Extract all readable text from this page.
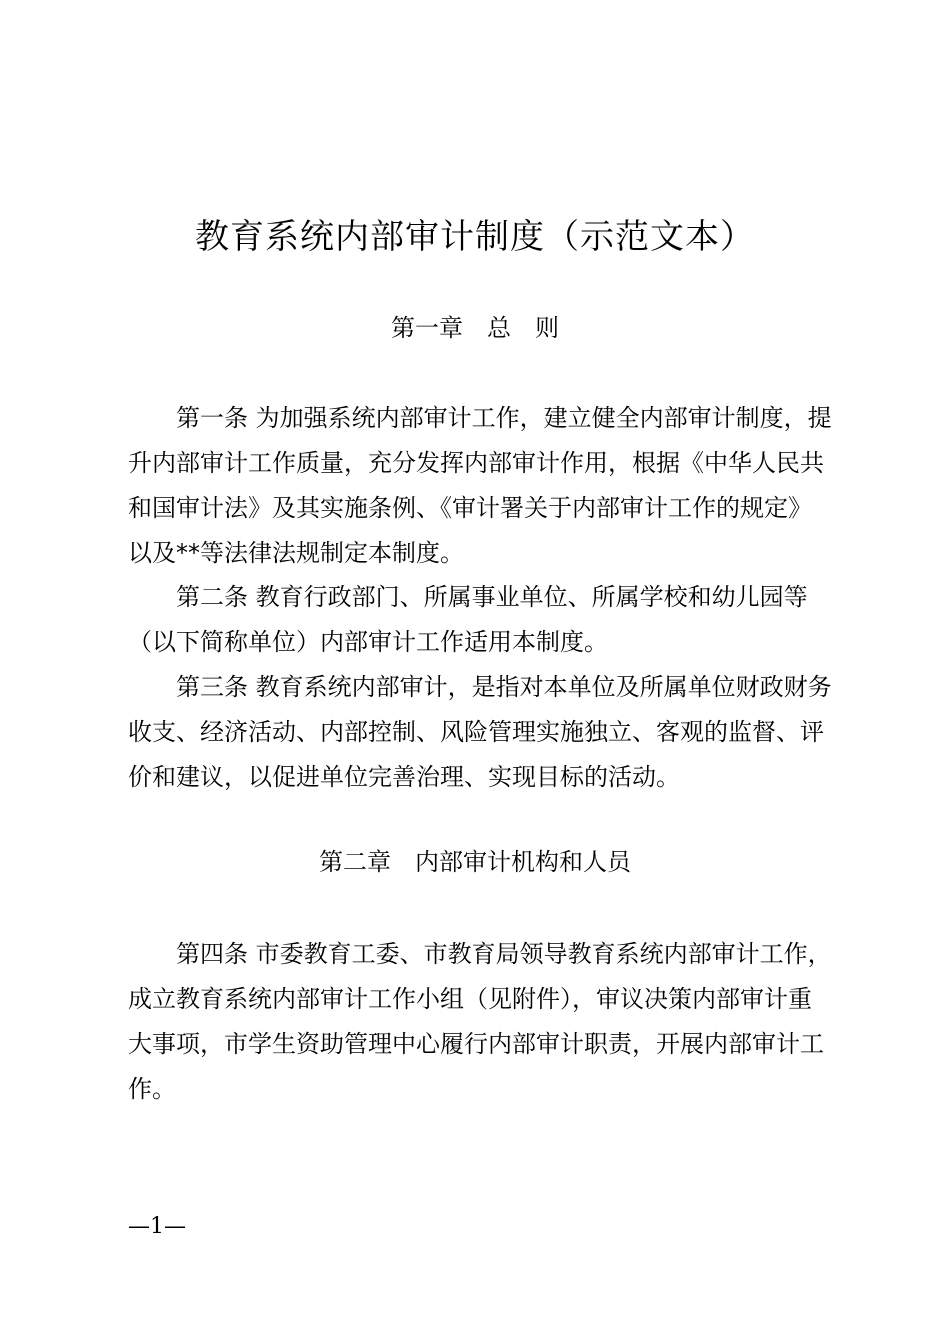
教育系统内部审计制度（示范文本）
第一章　总　则

第一条 为加强系统内部审计工作，建立健全内部审计制度，提升内部审计工作质量，充分发挥内部审计作用，根据《中华人民共和国审计法》及其实施条例、《审计署关于内部审计工作的规定》以及**等法律法规制定本制度。

第二条 教育行政部门、所属事业单位、所属学校和幼儿园等（以下简称单位）内部审计工作适用本制度。

第三条 教育系统内部审计，是指对本单位及所属单位财政财务收支、经济活动、内部控制、风险管理实施独立、客观的监督、评价和建议，以促进单位完善治理、实现目标的活动。

第二章　内部审计机构和人员

第四条 市委教育工委、市教育局领导教育系统内部审计工作，成立教育系统内部审计工作小组（见附件），审议决策内部审计重大事项，市学生资助管理中心履行内部审计职责，开展内部审计工作。

—1—
